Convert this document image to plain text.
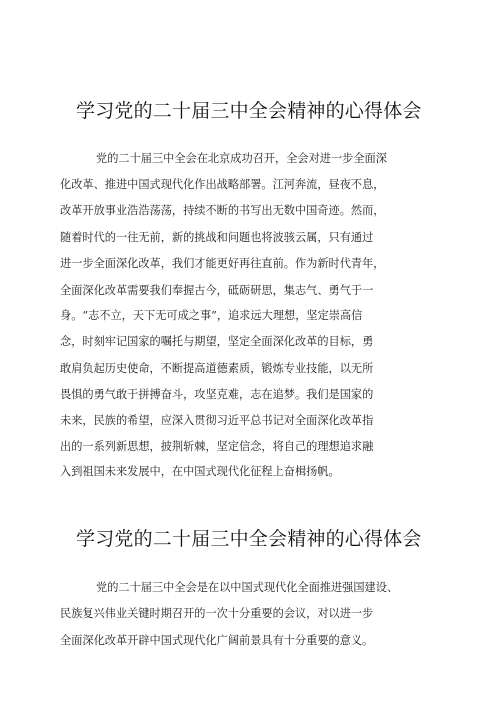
学习党的二十届三中全会精神的心得体会
党的二十届三中全会在北京成功召开，全会对进一步全面深
化改革、推进中国式现代化作出战略部署。江河奔流，昼夜不息，
改革开放事业浩浩荡荡，持续不断的书写出无数中国奇迹。然而，
随着时代的一往无前，新的挑战和问题也将波骇云属，只有通过
进一步全面深化改革，我们才能更好再往直前。作为新时代青年，
全面深化改革需要我们奉握古今，砥砺研思，集志气、勇气于一
身。“志不立，天下无可成之事”，追求远大理想，坚定崇高信
念，时刻牢记国家的嘱托与期望，坚定全面深化改革的目标，勇
敢肩负起历史使命，不断提高道德素质，锻炼专业技能，以无所
畏惧的勇气敢于拼搏奋斗，攻坚克难，志在追梦。我们是国家的
未来，民族的希望，应深入贯彻习近平总书记对全面深化改革指
出的一系列新思想，披荆斩棘，坚定信念，将自己的理想追求融
入到祖国未来发展中，在中国式现代化征程上奋楫扬帆。
学习党的二十届三中全会精神的心得体会
党的二十届三中全会是在以中国式现代化全面推进强国建设、
民族复兴伟业关键时期召开的一次十分重要的会议，对以进一步
全面深化改革开辟中国式现代化广阔前景具有十分重要的意义。
